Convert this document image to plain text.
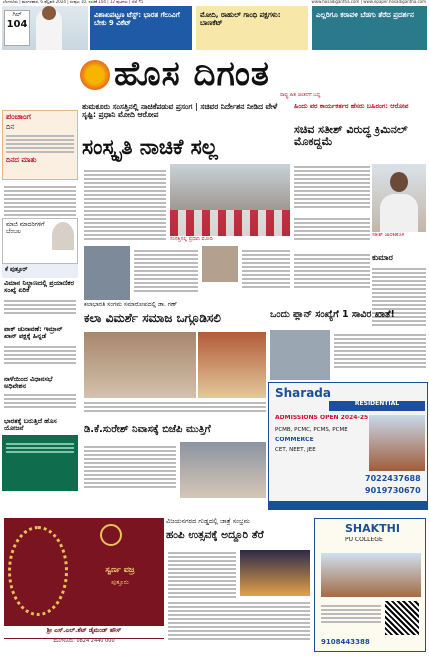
ಬೆಂಗಳೂರು | ಮಂಗಳವಾರ, 6 ಫೆಬ್ರವರಿ 2024 | ಸಂಪುಟ 10, ಸಂಚಿಕೆ 104 | 12 ಪುಟಗಳು | ಬೆಲೆ ₹5	www.hosadigantha.com | www.epaper.hosadigantha.com
ಗಿಲ್
104
ವಿಶಾಖಪಟ್ಟಣ ಟೆಸ್ಟ್: ಭಾರತ ಗೆಲುವಿಗೆ ಬೇಕು 9 ವಿಕೆಟ್
ಮೋದಿ, ರಾಹುಲ್ ಗಾಂಧಿ ಪಕ್ಷಗಳು: ಬಾಣಕೆಟ್
ಎಲ್ಲರಿಗೂ ಕರಾವಳಿ ಬೆಡಗು ತೆರೆದ ಪ್ರದರ್ಶನ
ಹೊಸ ದಿಗಂತ
ರಾಷ್ಟ್ರ ಹಿತ ಚಿಂತನೆಗೆ ಬದ್ಧ
ಪಂಚಾಂಗ
ದಿನ
ದಿನದ ಮಾತು
ಮಾಜಿ ಮಾದರಿಗಳಿಗೆ ಬೆಂಬಲ
ಕೆ ಪುತ್ತೂರ್
ವಿಮಾನ ನಿಲ್ದಾಣದಲ್ಲಿ ಪ್ರಯಾಣಿಕರ ಸಂಖ್ಯೆ ಏರಿಕೆ
ಪಾಕ್ ಚುನಾವಣೆ: ಇಮ್ರಾನ್ ಖಾನ್ ಪಕ್ಷಕ್ಕೆ ಹಿನ್ನಡೆ
ನಾಳೆಯಿಂದ ವಿಧಾನಸಭೆ ಅಧಿವೇಶನ
ಭಾರತಕ್ಕೆ ಬರುತ್ತಿದೆ ಹೊಸ ಯೋಜನೆ
ತುಮಕೂರು ಸಂಸತ್ತಿನಲ್ಲಿ ನಾಚಿಕೆಪಡುವ ಪ್ರಸಂಗ | ಸಚಿವರ ನಿರ್ದೇಶನ ನೀಡಿದ ವೇಳೆ ಸೃಷ್ಟಿ: ಪ್ರಧಾನಿ ಮೋದಿ ಆರೋಪ
ಸಂಸ್ಕೃತಿ ನಾಚಿಕೆ ಸಲ್ಲ
ಹಿಂದು ಪರ ಕಾರ್ಯಕರ್ತರ ಹೆಸರು ಬಹಿರಂಗ: ಆರೋಪ
ಸಚಿವ ಸತೀಶ್ ವಿರುದ್ಧ ಕ್ರಿಮಿನಲ್ ಮೊಕದ್ದಮೆ
ಸಂಸತ್ತಿನಲ್ಲಿ ಪ್ರಧಾನಿ ಮೋದಿ
ಸತೀಶ್ ಜಾರಕಿಹೊಳಿ
ಕುಮಾರ
ಕಲಾಭಾರತಿ ಸಂಗಮ ಸಮಾರೋಪದಲ್ಲಿ ಡಾ. ಗಣ್
ಕಲಾ ವಿಮರ್ಶೆ ಸಮಾಜ ಒಗ್ಗೂಡಿಸಲಿ	ಒಂದು ಪ್ಲಾನ್ ಸಂಖ್ಯೆಗೆ 1 ಸಾವಿರ ಖಾತೆ!
Sharada
RESIDENTIAL
ADMISSIONS OPEN 2024-25
PCMB, PCMC, PCMS, PCME
COMMERCE
CET, NEET, JEE
7022437688
9019730670
ಡಿ.ಕೆ.ಸುರೇಶ್ ನಿವಾಸಕ್ಕೆ ಬಿಜೆಪಿ ಮುತ್ತಿಗೆ
ಸ್ವರ್ಣ ವಜ್ರ
ಪುತ್ತೂರು
ಶ್ರೀ ಎಸ್.ಎಲ್.ಶೆಟ್ ಡೈಮಂಡ್ ಹೌಸ್
ಮಂಗಳೂರು: 0824 2440 000
ವಿಜಯನಗರದ ಗುಡ್ಡದಲ್ಲಿ ಜಾತ್ರೆ ಸಂಭ್ರಮ
ಹಂಪಿ ಉತ್ಸವಕ್ಕೆ ಅದ್ದೂರಿ ತೆರೆ	SHAKTHI
PU COLLEGE
9108443388
